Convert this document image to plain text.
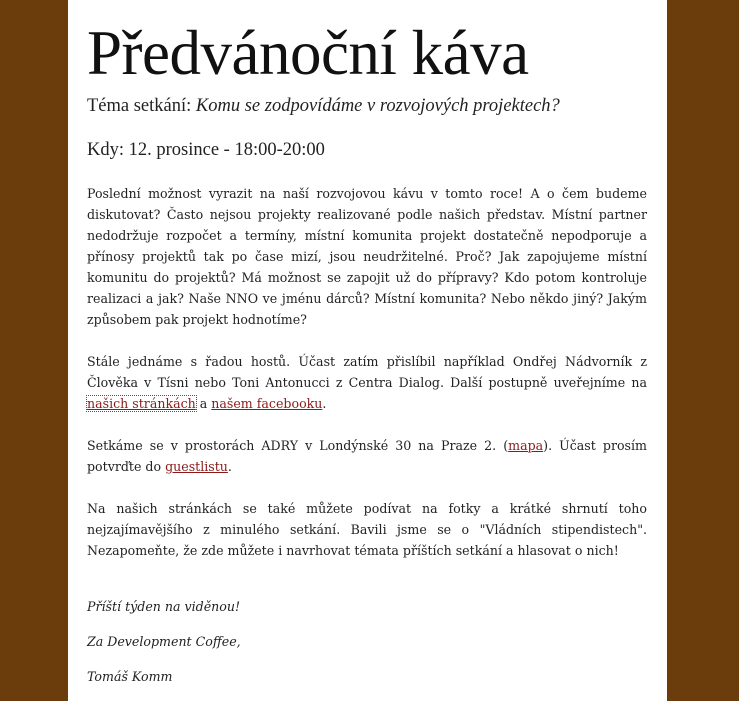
Předvánoční káva
Téma setkání: Komu se zodpovídáme v rozvojových projektech?
Kdy: 12. prosince - 18:00-20:00
Poslední možnost vyrazit na naší rozvojovou kávu v tomto roce! A o čem budeme diskutovat? Často nejsou projekty realizované podle našich představ. Místní partner nedodržuje rozpočet a termíny, místní komunita projekt dostatečně nepodporuje a přínosy projektů tak po čase mizí, jsou neudržitelné. Proč? Jak zapojujeme místní komunitu do projektů? Má možnost se zapojit už do přípravy? Kdo potom kontroluje realizaci a jak? Naše NNO ve jménu dárců? Místní komunita? Nebo někdo jiný? Jakým způsobem pak projekt hodnotíme?
Stále jednáme s řadou hostů. Účast zatím přislíbil například Ondřej Nádvorník z Člověka v Tísni nebo Toni Antonucci z Centra Dialog. Další postupně uveřejníme na našich stránkách a našem facebooku.
Setkáme se v prostorách ADRY v Londýnské 30 na Praze 2. (mapa). Účast prosím potvrďte do guestlistu.
Na našich stránkách se také můžete podívat na fotky a krátké shrnutí toho nejzajímavějšího z minulého setkání. Bavili jsme se o "Vládních stipendistech". Nezapomeňte, že zde můžete i navrhovat témata příštích setkání a hlasovat o nich!
Příští týden na viděnou!
Za Development Coffee,
Tomáš Komm
